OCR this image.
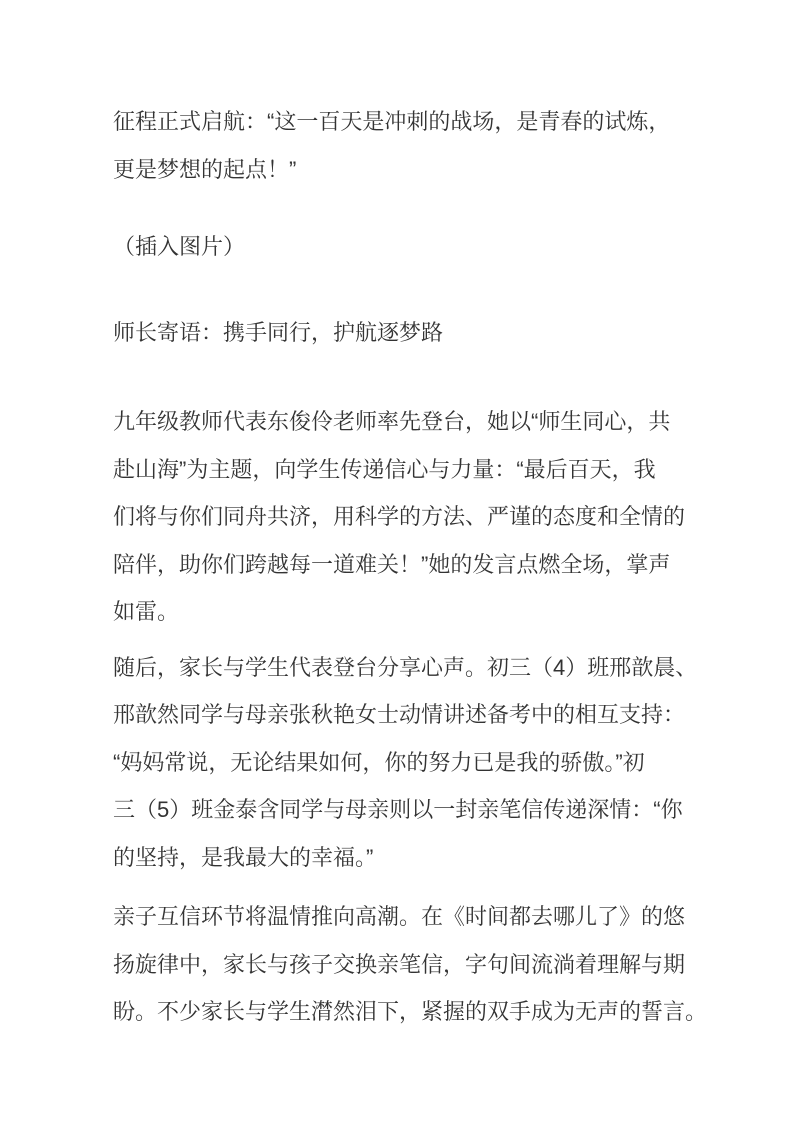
征程正式启航：“这一百天是冲刺的战场，是青春的试炼，
更是梦想的起点！”
（插入图片）
师长寄语：携手同行，护航逐梦路
九年级教师代表东俊伶老师率先登台，她以“师生同心，共
赴山海”为主题，向学生传递信心与力量：“最后百天，我
们将与你们同舟共济，用科学的方法、严谨的态度和全情的
陪伴，助你们跨越每一道难关！”她的发言点燃全场，掌声
如雷。
随后，家长与学生代表登台分享心声。初三（4）班邢歆晨、
邢歆然同学与母亲张秋艳女士动情讲述备考中的相互支持：
“妈妈常说，无论结果如何，你的努力已是我的骄傲。”初
三（5）班金泰含同学与母亲则以一封亲笔信传递深情：“你
的坚持，是我最大的幸福。”
亲子互信环节将温情推向高潮。在《时间都去哪儿了》的悠
扬旋律中，家长与孩子交换亲笔信，字句间流淌着理解与期
盼。不少家长与学生潸然泪下，紧握的双手成为无声的誓言。
